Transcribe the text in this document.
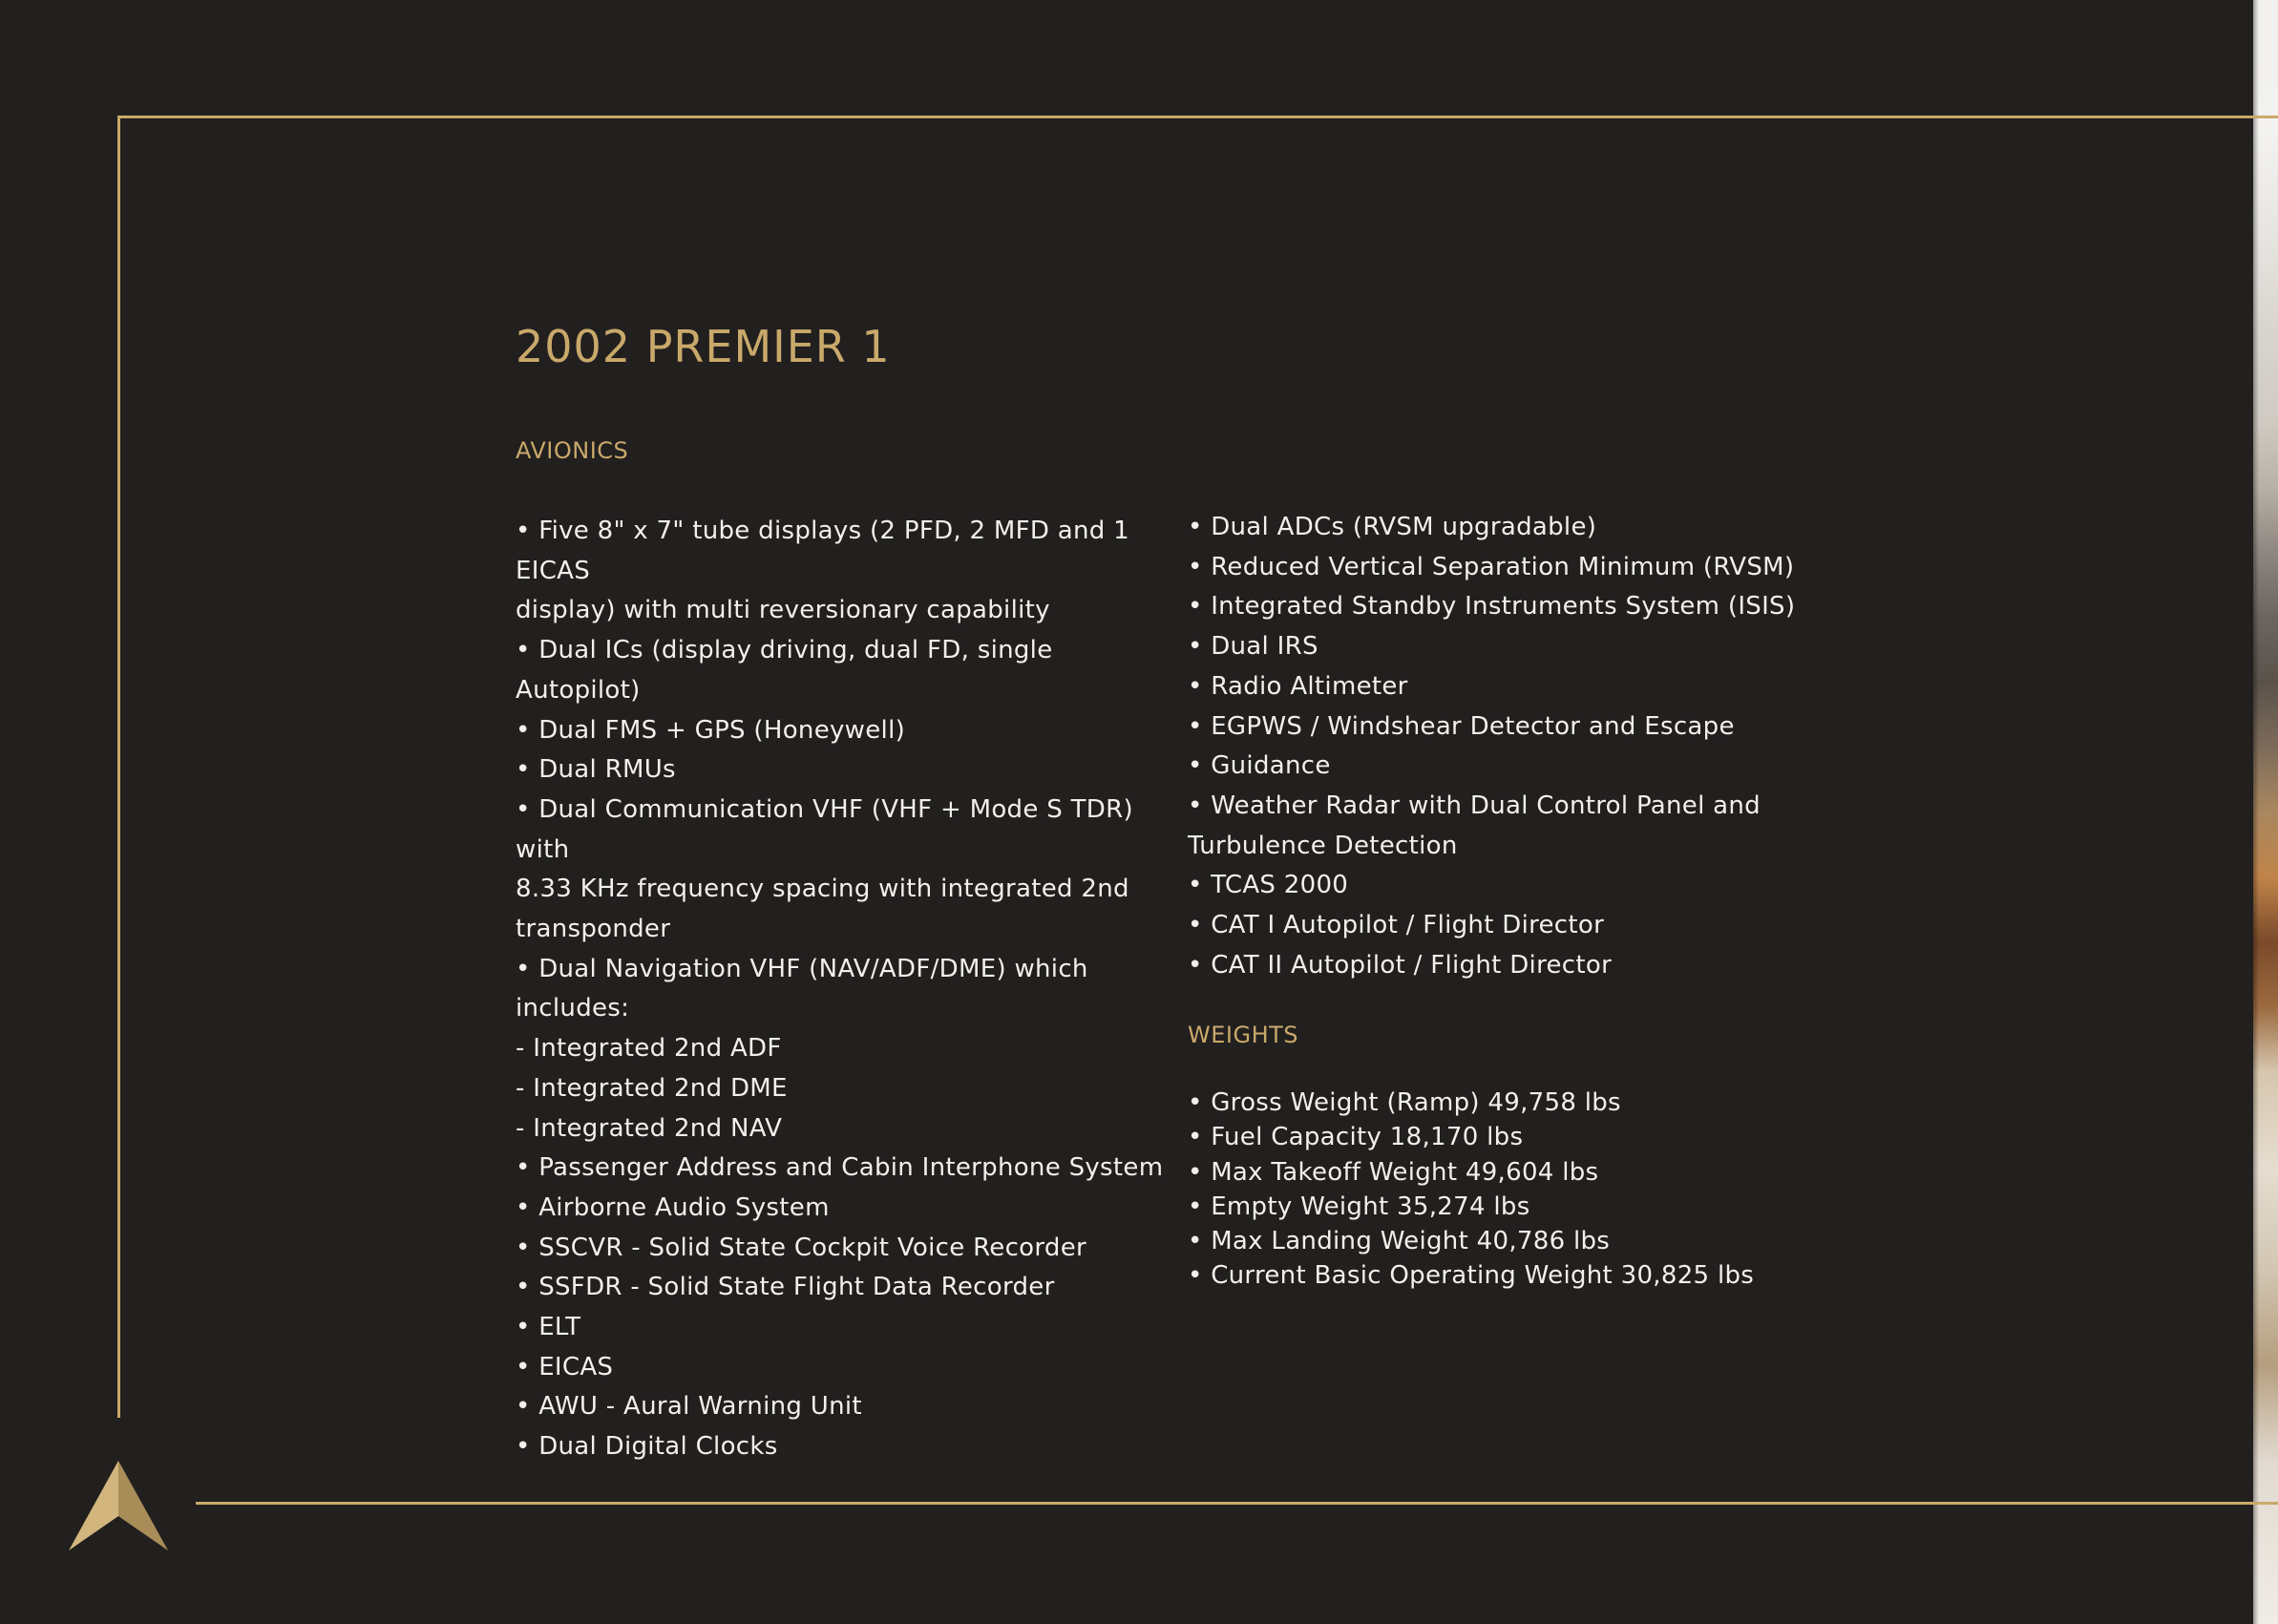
2002 PREMIER 1
AVIONICS
• Five 8" x 7" tube displays (2 PFD, 2 MFD and 1 EICAS
display) with multi reversionary capability
• Dual ICs (display driving, dual FD, single Autopilot)
• Dual FMS + GPS (Honeywell)
• Dual RMUs
• Dual Communication VHF (VHF + Mode S TDR) with
8.33 KHz frequency spacing with integrated 2nd
transponder
• Dual Navigation VHF (NAV/ADF/DME) which
includes:
- Integrated 2nd ADF
- Integrated 2nd DME
- Integrated 2nd NAV
• Passenger Address and Cabin Interphone System
• Airborne Audio System
• SSCVR - Solid State Cockpit Voice Recorder
• SSFDR - Solid State Flight Data Recorder
• ELT
• EICAS
• AWU - Aural Warning Unit
• Dual Digital Clocks
• Dual ADCs (RVSM upgradable)
• Reduced Vertical Separation Minimum (RVSM)
• Integrated Standby Instruments System (ISIS)
• Dual IRS
• Radio Altimeter
• EGPWS / Windshear Detector and Escape
• Guidance
• Weather Radar with Dual Control Panel and
Turbulence Detection
• TCAS 2000
• CAT I Autopilot / Flight Director
• CAT II Autopilot / Flight Director
WEIGHTS
• Gross Weight (Ramp) 49,758 lbs
• Fuel Capacity 18,170 lbs
• Max Takeoff Weight 49,604 lbs
• Empty Weight 35,274 lbs
• Max Landing Weight 40,786 lbs
• Current Basic Operating Weight 30,825 lbs
